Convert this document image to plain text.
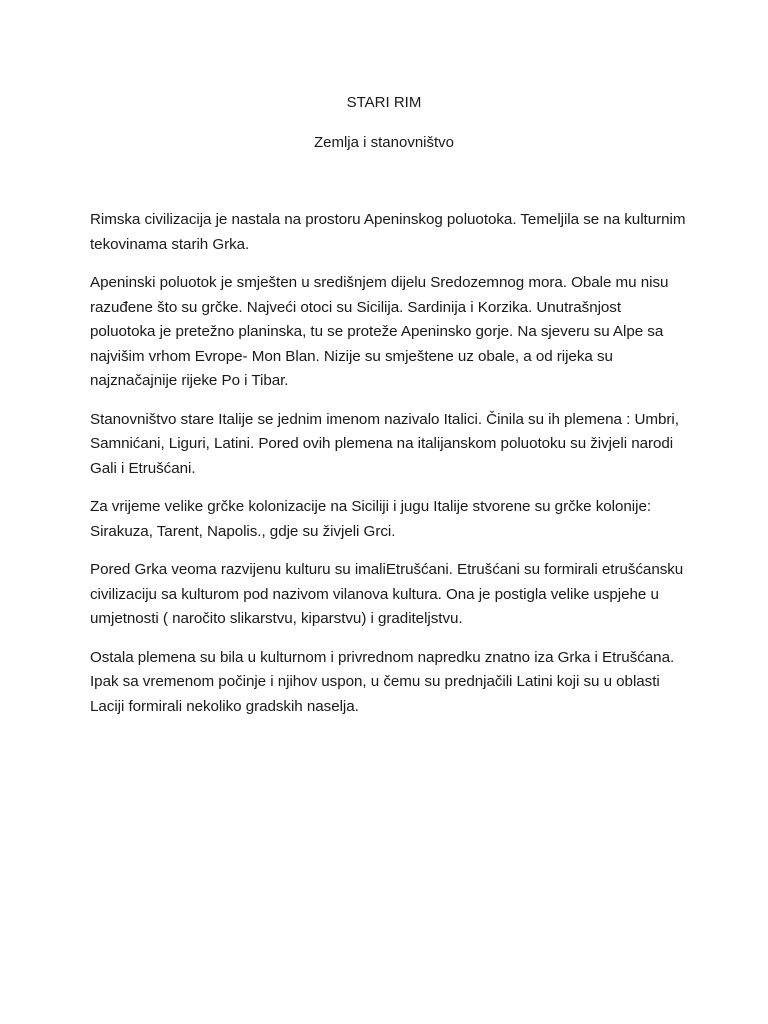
STARI RIM
Zemlja i stanovništvo

Rimska civilizacija je nastala na prostoru Apeninskog poluotoka. Temeljila se na kulturnim tekovinama starih Grka.

Apeninski poluotok je smješten u središnjem dijelu Sredozemnog mora. Obale mu nisu razuđene što su grčke. Najveći otoci su Sicilija. Sardinija i Korzika. Unutrašnjost poluotoka je pretežno planinska, tu se proteže Apeninsko gorje. Na sjeveru su Alpe sa najvišim vrhom Evrope- Mon Blan. Nizije su smještene uz obale, a od rijeka su najznačajnije rijeke Po i Tibar.

Stanovništvo stare Italije se jednim imenom nazivalo Italici. Činila su ih plemena : Umbri, Samnićani, Liguri, Latini. Pored ovih plemena na italijanskom poluotoku su živjeli narodi Gali i Etrušćani.

Za vrijeme velike grčke kolonizacije na Siciliji i jugu Italije stvorene su grčke kolonije: Sirakuza, Tarent, Napolis., gdje su živjeli Grci.

Pored Grka veoma razvijenu kulturu su imaliEtrušćani. Etrušćani su formirali etrušćansku civilizaciju sa kulturom pod nazivom vilanova kultura. Ona je postigla velike uspjehe u umjetnosti ( naročito slikarstvu, kiparstvu) i graditeljstvu.

Ostala plemena su bila u kulturnom i privrednom napredku znatno iza Grka i Etrušćana. Ipak sa vremenom počinje i njihov uspon, u čemu su prednjačili Latini koji su u oblasti Laciji formirali nekoliko gradskih naselja.
